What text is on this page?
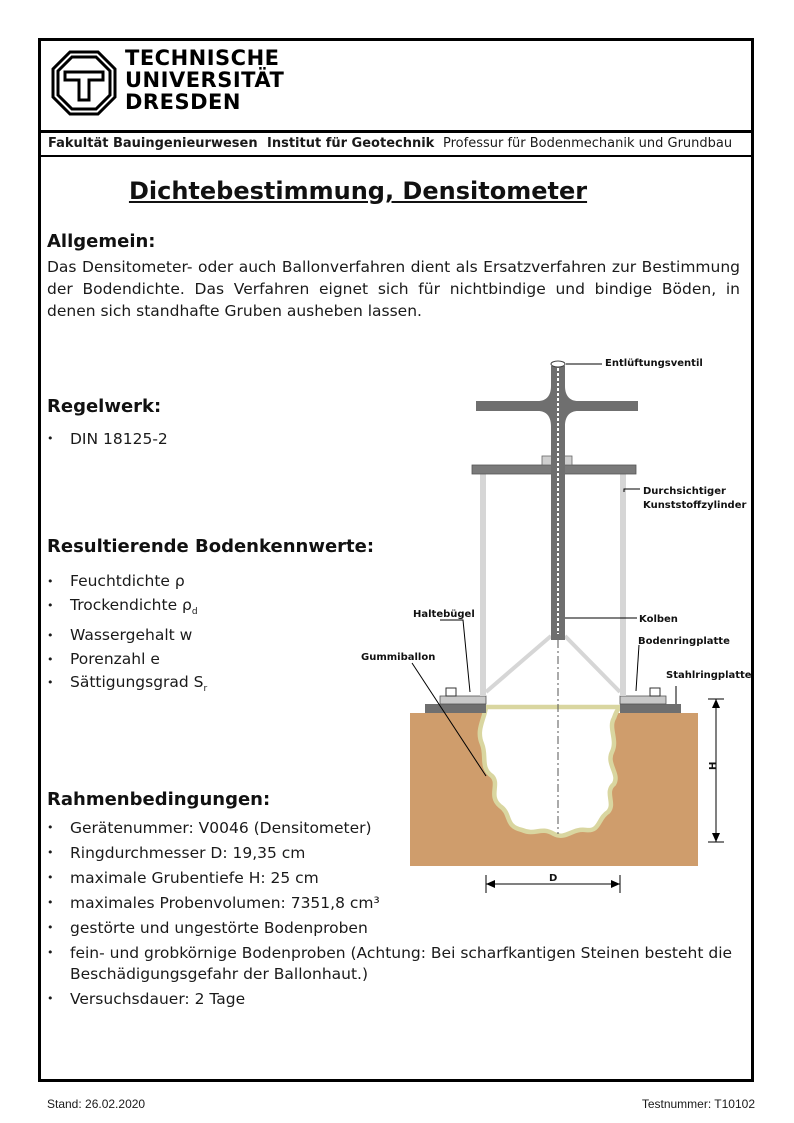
TECHNISCHE
UNIVERSITÄT
DRESDEN
Fakultät Bauingenieurwesen Institut für Geotechnik Professur für Bodenmechanik und Grundbau
Dichtebestimmung, Densitometer
Allgemein:
Das Densitometer- oder auch Ballonverfahren dient als Ersatzverfahren zur Bestimmung der Bodendichte. Das Verfahren eignet sich für nichtbindige und bindige Böden, in denen sich standhafte Gruben ausheben lassen.
Regelwerk:
• DIN 18125-2
Resultierende Bodenkennwerte:
• Feuchtdichte ρ
• Trockendichte $\rho_d$
• Wassergehalt w
• Porenzahl e
• Sättigungsgrad $S_r$
Rahmenbedingungen:
• Gerätenummer: V0046 (Densitometer)
• Ringdurchmesser D: 19,35 cm
• maximale Grubentiefe H: 25 cm
• maximales Probenvolumen: 7351,8 cm³
• gestörte und ungestörte Bodenproben
• fein- und grobkörnige Bodenproben (Achtung: Bei scharfkantigen Steinen besteht die Beschädigungsgefahr der Ballonhaut.)
• Versuchsdauer: 2 Tage
H
D
Entlüftungsventil
Durchsichtiger
Kunststoffzylinder
Haltebügel	Kolben
Bodenringplatte
Gummiballon
Stahlringplatte
Stand: 26.02.2020	Testnummer: T10102
